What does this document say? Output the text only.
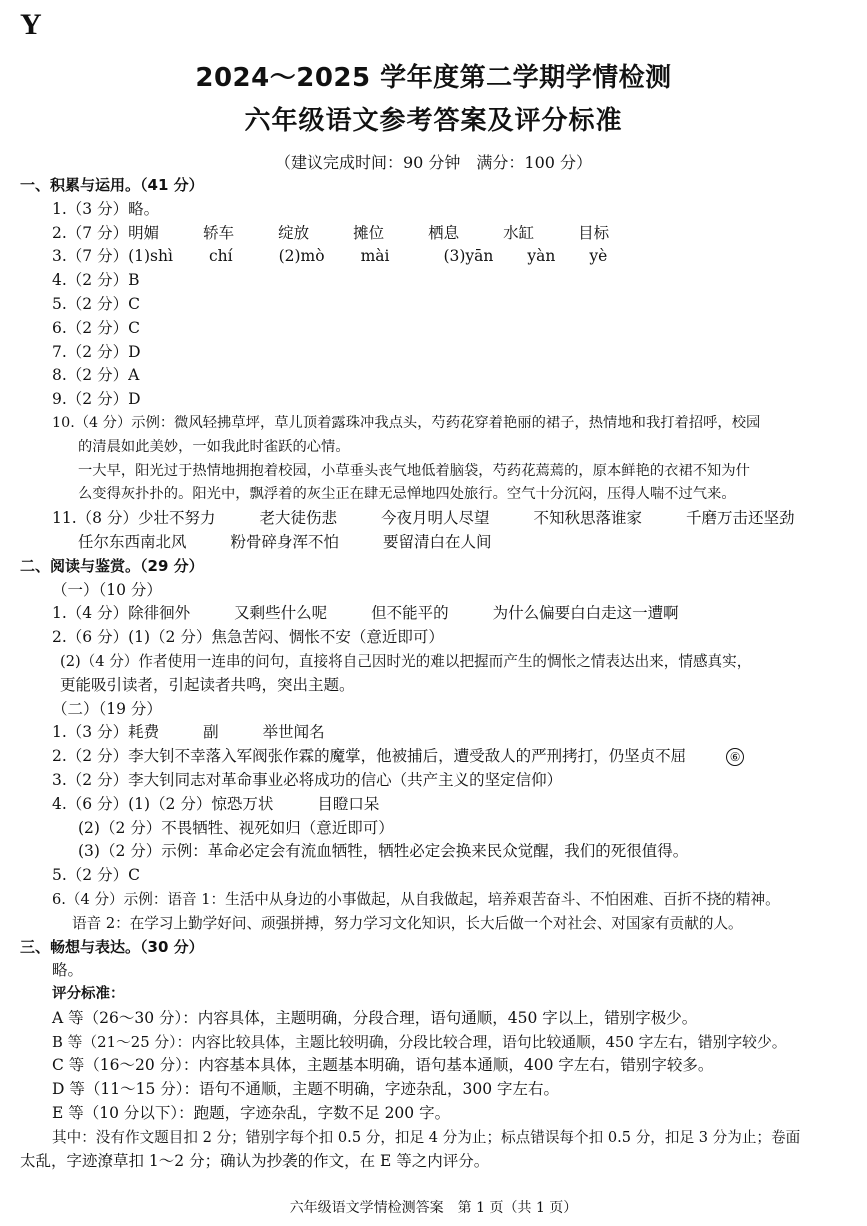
Y
2024～2025 学年度第二学期学情检测
六年级语文参考答案及评分标准
（建议完成时间：90 分钟　满分：100 分）
一、积累与运用。（41 分）
1.（3 分）略。
2.（7 分）明媚	轿车	绽放	摊位	栖息	水缸	目标
3.（7 分）(1)shì chí	(2)mò mài	(3)yān yàn yè
4.（2 分）B
5.（2 分）C
6.（2 分）C
7.（2 分）D
8.（2 分）A
9.（2 分）D
10.（4 分）示例：微风轻拂草坪，草儿顶着露珠冲我点头，芍药花穿着艳丽的裙子，热情地和我打着招呼，校园
的清晨如此美妙，一如我此时雀跃的心情。
一大早，阳光过于热情地拥抱着校园，小草垂头丧气地低着脑袋，芍药花蔫蔫的，原本鲜艳的衣裙不知为什
么变得灰扑扑的。阳光中，飘浮着的灰尘正在肆无忌惮地四处旅行。空气十分沉闷，压得人喘不过气来。
11.（8 分）少壮不努力	老大徒伤悲	今夜月明人尽望	不知秋思落谁家	千磨万击还坚劲
任尔东西南北风	粉骨碎身浑不怕	要留清白在人间
二、阅读与鉴赏。（29 分）
（一）（10 分）
1.（4 分）除徘徊外	又剩些什么呢	但不能平的	为什么偏要白白走这一遭啊
2.（6 分）(1)（2 分）焦急苦闷、惆怅不安（意近即可）
(2)（4 分）作者使用一连串的问句，直接将自己因时光的难以把握而产生的惆怅之情表达出来，情感真实，
更能吸引读者，引起读者共鸣，突出主题。
（二）（19 分）
1.（3 分）耗费	副	举世闻名
2.（2 分）李大钊不幸落入军阀张作霖的魔掌，他被捕后，遭受敌人的严刑拷打，仍坚贞不屈	⑥
3.（2 分）李大钊同志对革命事业必将成功的信心（共产主义的坚定信仰）
4.（6 分）(1)（2 分）惊恐万状	目瞪口呆
(2)（2 分）不畏牺牲、视死如归（意近即可）
(3)（2 分）示例：革命必定会有流血牺牲，牺牲必定会换来民众觉醒，我们的死很值得。
5.（2 分）C
6.（4 分）示例：语音 1：生活中从身边的小事做起，从自我做起，培养艰苦奋斗、不怕困难、百折不挠的精神。
语音 2：在学习上勤学好问、顽强拼搏，努力学习文化知识，长大后做一个对社会、对国家有贡献的人。
三、畅想与表达。（30 分）
略。
评分标准：
A 等（26～30 分）：内容具体，主题明确，分段合理，语句通顺，450 字以上，错别字极少。
B 等（21～25 分）：内容比较具体，主题比较明确，分段比较合理，语句比较通顺，450 字左右，错别字较少。
C 等（16～20 分）：内容基本具体，主题基本明确，语句基本通顺，400 字左右，错别字较多。
D 等（11～15 分）：语句不通顺，主题不明确，字迹杂乱，300 字左右。
E 等（10 分以下）：跑题，字迹杂乱，字数不足 200 字。
其中：没有作文题目扣 2 分；错别字每个扣 0.5 分，扣足 4 分为止；标点错误每个扣 0.5 分，扣足 3 分为止；卷面
太乱，字迹潦草扣 1～2 分；确认为抄袭的作文，在 E 等之内评分。
六年级语文学情检测答案　第 1 页（共 1 页）
